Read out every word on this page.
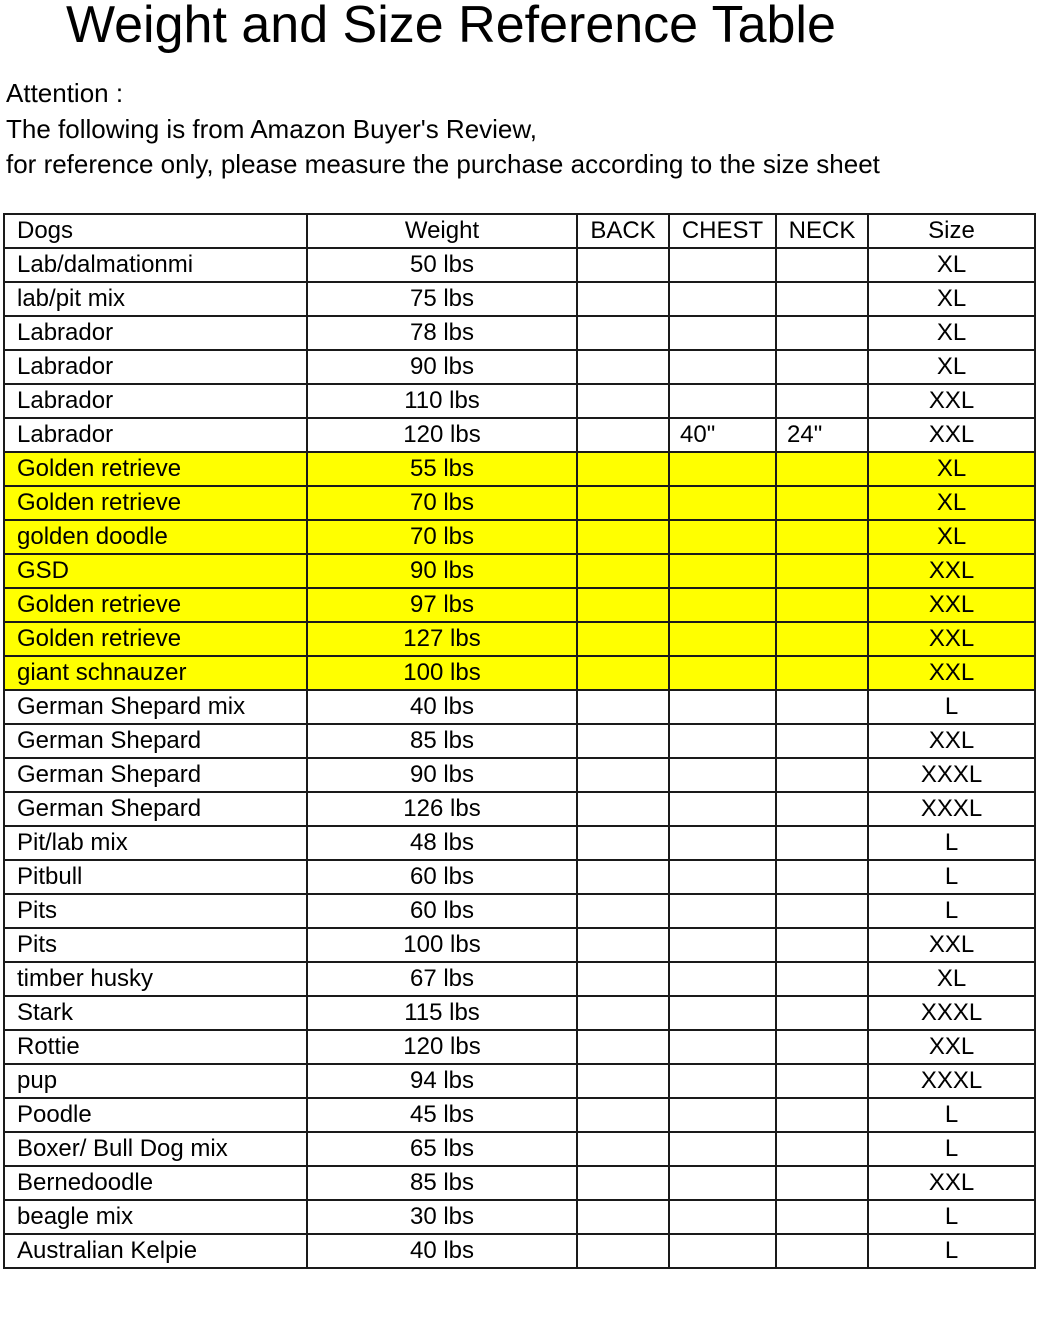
Weight and Size Reference Table
Attention :
The following is from Amazon Buyer's Review,
for reference only, please measure the purchase according to the size sheet
Dogs	Weight	BACK	CHEST	NECK	Size
Lab/dalmationmi	50 lbs				XL
lab/pit mix	75 lbs				XL
Labrador	78 lbs				XL
Labrador	90 lbs				XL
Labrador	110 lbs				XXL
Labrador	120 lbs		40"	24"	XXL
Golden retrieve	55 lbs				XL
Golden retrieve	70 lbs				XL
golden doodle	70 lbs				XL
GSD	90 lbs				XXL
Golden retrieve	97 lbs				XXL
Golden retrieve	127 lbs				XXL
giant schnauzer	100 lbs				XXL
German Shepard mix	40 lbs				L
German Shepard	85 lbs				XXL
German Shepard	90 lbs				XXXL
German Shepard	126 lbs				XXXL
Pit/lab mix	48 lbs				L
Pitbull	60 lbs				L
Pits	60 lbs				L
Pits	100 lbs				XXL
timber husky	67 lbs				XL
Stark	115 lbs				XXXL
Rottie	120 lbs				XXL
pup	94 lbs				XXXL
Poodle	45 lbs				L
Boxer/ Bull Dog mix	65 lbs				L
Bernedoodle	85 lbs				XXL
beagle mix	30 lbs				L
Australian Kelpie	40 lbs				L
